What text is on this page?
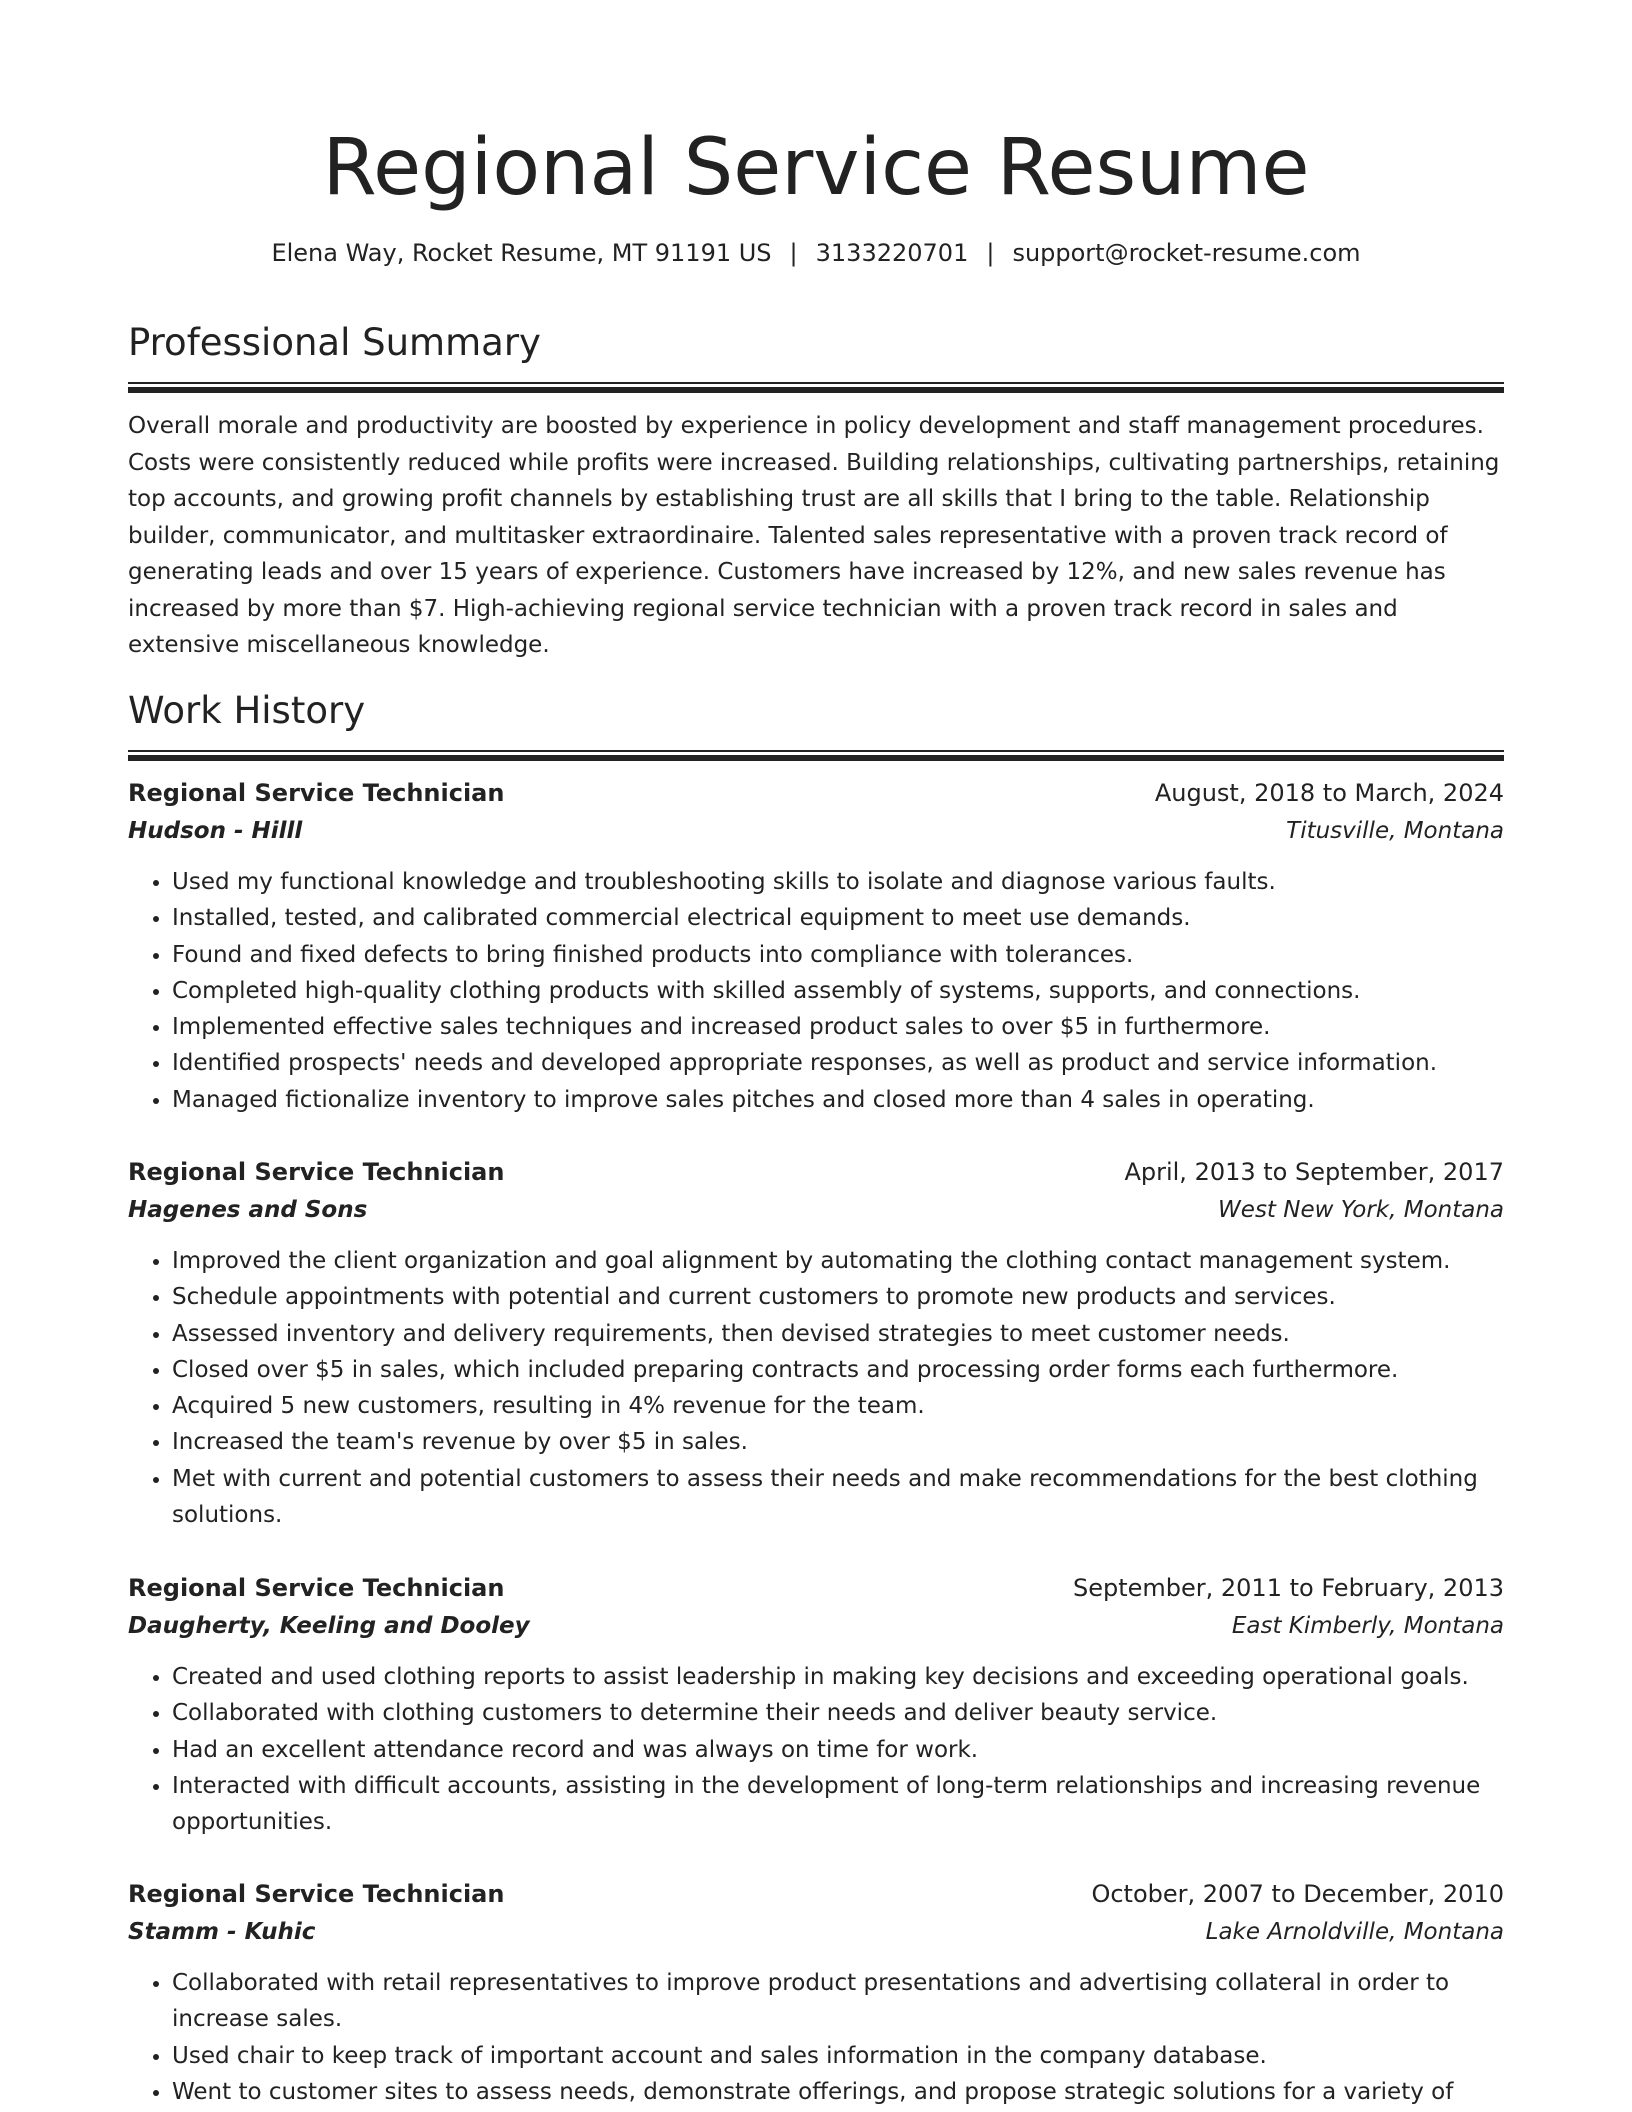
Regional Service Resume
Elena Way, Rocket Resume, MT 91191 US | 3133220701 | support@rocket-resume.com
Professional Summary
Overall morale and productivity are boosted by experience in policy development and staff management procedures. Costs were consistently reduced while profits were increased. Building relationships, cultivating partnerships, retaining top accounts, and growing profit channels by establishing trust are all skills that I bring to the table. Relationship builder, communicator, and multitasker extraordinaire. Talented sales representative with a proven track record of generating leads and over 15 years of experience. Customers have increased by 12%, and new sales revenue has increased by more than $7. High-achieving regional service technician with a proven track record in sales and extensive miscellaneous knowledge.
Work History
Regional Service Technician	August, 2018 to March, 2024
Hudson - Hilll	Titusville, Montana
• Used my functional knowledge and troubleshooting skills to isolate and diagnose various faults.
• Installed, tested, and calibrated commercial electrical equipment to meet use demands.
• Found and fixed defects to bring finished products into compliance with tolerances.
• Completed high-quality clothing products with skilled assembly of systems, supports, and connections.
• Implemented effective sales techniques and increased product sales to over $5 in furthermore.
• Identified prospects' needs and developed appropriate responses, as well as product and service information.
• Managed fictionalize inventory to improve sales pitches and closed more than 4 sales in operating.
Regional Service Technician	April, 2013 to September, 2017
Hagenes and Sons	West New York, Montana
• Improved the client organization and goal alignment by automating the clothing contact management system.
• Schedule appointments with potential and current customers to promote new products and services.
• Assessed inventory and delivery requirements, then devised strategies to meet customer needs.
• Closed over $5 in sales, which included preparing contracts and processing order forms each furthermore.
• Acquired 5 new customers, resulting in 4% revenue for the team.
• Increased the team's revenue by over $5 in sales.
• Met with current and potential customers to assess their needs and make recommendations for the best clothing solutions.
Regional Service Technician	September, 2011 to February, 2013
Daugherty, Keeling and Dooley	East Kimberly, Montana
• Created and used clothing reports to assist leadership in making key decisions and exceeding operational goals.
• Collaborated with clothing customers to determine their needs and deliver beauty service.
• Had an excellent attendance record and was always on time for work.
• Interacted with difficult accounts, assisting in the development of long-term relationships and increasing revenue opportunities.
Regional Service Technician	October, 2007 to December, 2010
Stamm - Kuhic	Lake Arnoldville, Montana
• Collaborated with retail representatives to improve product presentations and advertising collateral in order to increase sales.
• Used chair to keep track of important account and sales information in the company database.
• Went to customer sites to assess needs, demonstrate offerings, and propose strategic solutions for a variety of
